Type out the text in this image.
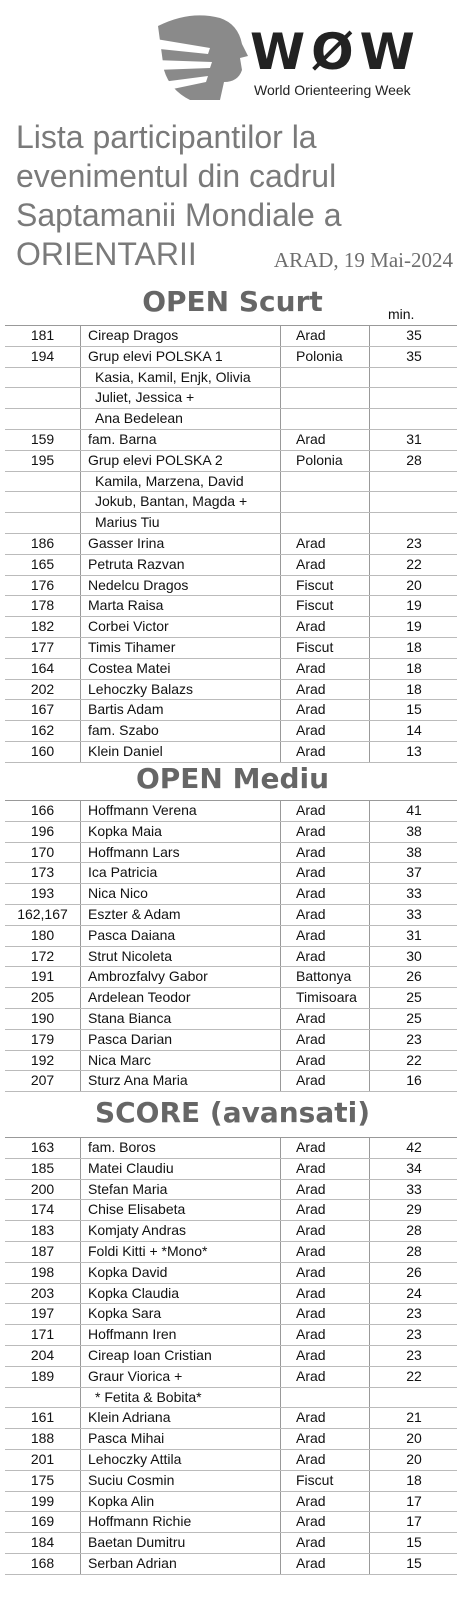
WØW
World Orienteering Week
Lista participantilor la evenimentul din cadrul Saptamanii Mondiale a ORIENTARII	ARAD, 19 Mai-2024
OPEN Scurt	min.
181	Cireap Dragos	Arad	35
194	Grup elevi POLSKA 1	Polonia	35
Kasia, Kamil, Enjk, Olivia
Juliet, Jessica +
Ana Bedelean
159	fam. Barna	Arad	31
195	Grup elevi POLSKA 2	Polonia	28
Kamila, Marzena, David
Jokub, Bantan, Magda +
Marius Tiu
186	Gasser Irina	Arad	23
165	Petruta Razvan	Arad	22
176	Nedelcu Dragos	Fiscut	20
178	Marta Raisa	Fiscut	19
182	Corbei Victor	Arad	19
177	Timis Tihamer	Fiscut	18
164	Costea Matei	Arad	18
202	Lehoczky Balazs	Arad	18
167	Bartis Adam	Arad	15
162	fam. Szabo	Arad	14
160	Klein Daniel	Arad	13
OPEN Mediu
166	Hoffmann Verena	Arad	41
196	Kopka Maia	Arad	38
170	Hoffmann Lars	Arad	38
173	Ica Patricia	Arad	37
193	Nica Nico	Arad	33
162,167	Eszter & Adam	Arad	33
180	Pasca Daiana	Arad	31
172	Strut Nicoleta	Arad	30
191	Ambrozfalvy Gabor	Battonya	26
205	Ardelean Teodor	Timisoara	25
190	Stana Bianca	Arad	25
179	Pasca Darian	Arad	23
192	Nica Marc	Arad	22
207	Sturz Ana Maria	Arad	16
SCORE (avansati)
163	fam. Boros	Arad	42
185	Matei Claudiu	Arad	34
200	Stefan Maria	Arad	33
174	Chise Elisabeta	Arad	29
183	Komjaty Andras	Arad	28
187	Foldi Kitti + *Mono*	Arad	28
198	Kopka David	Arad	26
203	Kopka Claudia	Arad	24
197	Kopka Sara	Arad	23
171	Hoffmann Iren	Arad	23
204	Cireap Ioan Cristian	Arad	23
189	Graur Viorica +	Arad	22
* Fetita & Bobita*
161	Klein Adriana	Arad	21
188	Pasca Mihai	Arad	20
201	Lehoczky Attila	Arad	20
175	Suciu Cosmin	Fiscut	18
199	Kopka Alin	Arad	17
169	Hoffmann Richie	Arad	17
184	Baetan Dumitru	Arad	15
168	Serban Adrian	Arad	15
